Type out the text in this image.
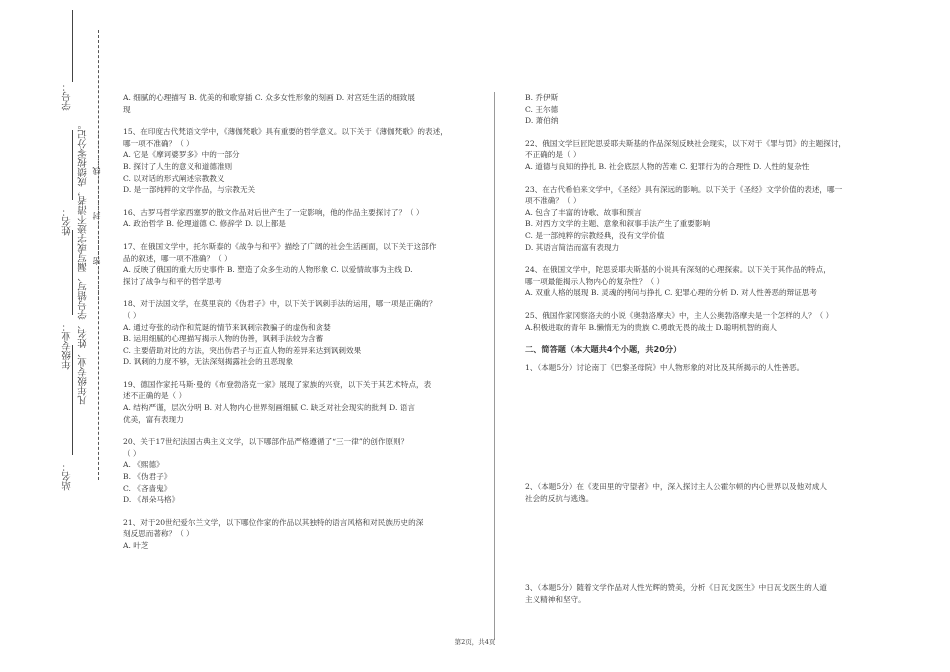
学号：
姓名：
年级专业：
站名：
凡年级专业、姓名、学号错写、漏写或字迹不清者，成绩按零分记。 …………密…………封…………线…………

A. 细腻的心理描写 B. 优美的和歌穿插 C. 众多女性形象的刻画 D. 对宫廷生活的细致展

现

15、在印度古代梵语文学中，《薄伽梵歌》具有重要的哲学意义。以下关于《薄伽梵歌》的表述，

哪一项不准确？（ ）

A. 它是《摩诃婆罗多》中的一部分

B. 探讨了人生的意义和道德准则

C. 以对话的形式阐述宗教教义

D. 是一部纯粹的文学作品，与宗教无关

16、古罗马哲学家西塞罗的散文作品对后世产生了一定影响，他的作品主要探讨了？（ ）

A. 政治哲学 B. 伦理道德 C. 修辞学 D. 以上都是

17、在俄国文学中，托尔斯泰的《战争与和平》描绘了广阔的社会生活画面，以下关于这部作

品的叙述，哪一项不准确？（ ）

A. 反映了俄国的重大历史事件 B. 塑造了众多生动的人物形象 C. 以爱情故事为主线 D.

探讨了战争与和平的哲学思考

18、对于法国文学，在莫里哀的《伪君子》中，以下关于讽刺手法的运用，哪一项是正确的？

（ ）

A. 通过夸张的动作和荒诞的情节来讽刺宗教骗子的虚伪和贪婪

B. 运用细腻的心理描写揭示人物的伪善，讽刺手法较为含蓄

C. 主要借助对比的方法，突出伪君子与正直人物的差异来达到讽刺效果

D. 讽刺的力度不够，无法深刻揭露社会的丑恶现象

19、德国作家托马斯·曼的《布登勃洛克一家》展现了家族的兴衰，以下关于其艺术特点，表

述不正确的是（ ）

A. 结构严谨，层次分明 B. 对人物内心世界刻画细腻 C. 缺乏对社会现实的批判 D. 语言

优美，富有表现力

20、关于17世纪法国古典主义文学，以下哪部作品严格遵循了“三一律”的创作原则？

（ ）

A. 《熙德》

B. 《伪君子》

C. 《吝啬鬼》

D. 《昂朵马格》

21、对于20世纪爱尔兰文学，以下哪位作家的作品以其独特的语言风格和对民族历史的深

刻反思而著称？（ ）

A. 叶芝

B. 乔伊斯

C. 王尔德

D. 萧伯纳

22、俄国文学巨匠陀思妥耶夫斯基的作品深刻反映社会现实，以下对于《罪与罚》的主题探讨，

不正确的是（ ）

A. 道德与良知的挣扎 B. 社会底层人物的苦难 C. 犯罪行为的合理性 D. 人性的复杂性

23、在古代希伯来文学中，《圣经》具有深远的影响。以下关于《圣经》文学价值的表述，哪一

项不准确？（ ）

A. 包含了丰富的诗歌、故事和预言

B. 对西方文学的主题、意象和叙事手法产生了重要影响

C. 是一部纯粹的宗教经典，没有文学价值

D. 其语言简洁而富有表现力

24、在俄国文学中，陀思妥耶夫斯基的小说具有深刻的心理探索。以下关于其作品的特点，

哪一项最能揭示人物内心的复杂性？（ ）

A. 双重人格的展现 B. 灵魂的拷问与挣扎 C. 犯罪心理的分析 D. 对人性善恶的辩证思考

25、俄国作家冈察洛夫的小说《奥勃洛摩夫》中，主人公奥勃洛摩夫是一个怎样的人？（ ）

A.积极进取的青年 B.懒惰无为的贵族 C.勇敢无畏的战士 D.聪明机智的商人

二、简答题（本大题共4个小题，共20分）

1、（本题5分）讨论南丁《巴黎圣母院》中人物形象的对比及其所揭示的人性善恶。

2、（本题5分）在《麦田里的守望者》中，深入探讨主人公霍尔顿的内心世界以及他对成人

社会的反抗与逃逸。

3、（本题5分）随着文学作品对人性光辉的赞美，分析《日瓦戈医生》中日瓦戈医生的人道

主义精神和坚守。

第2页，共4页
